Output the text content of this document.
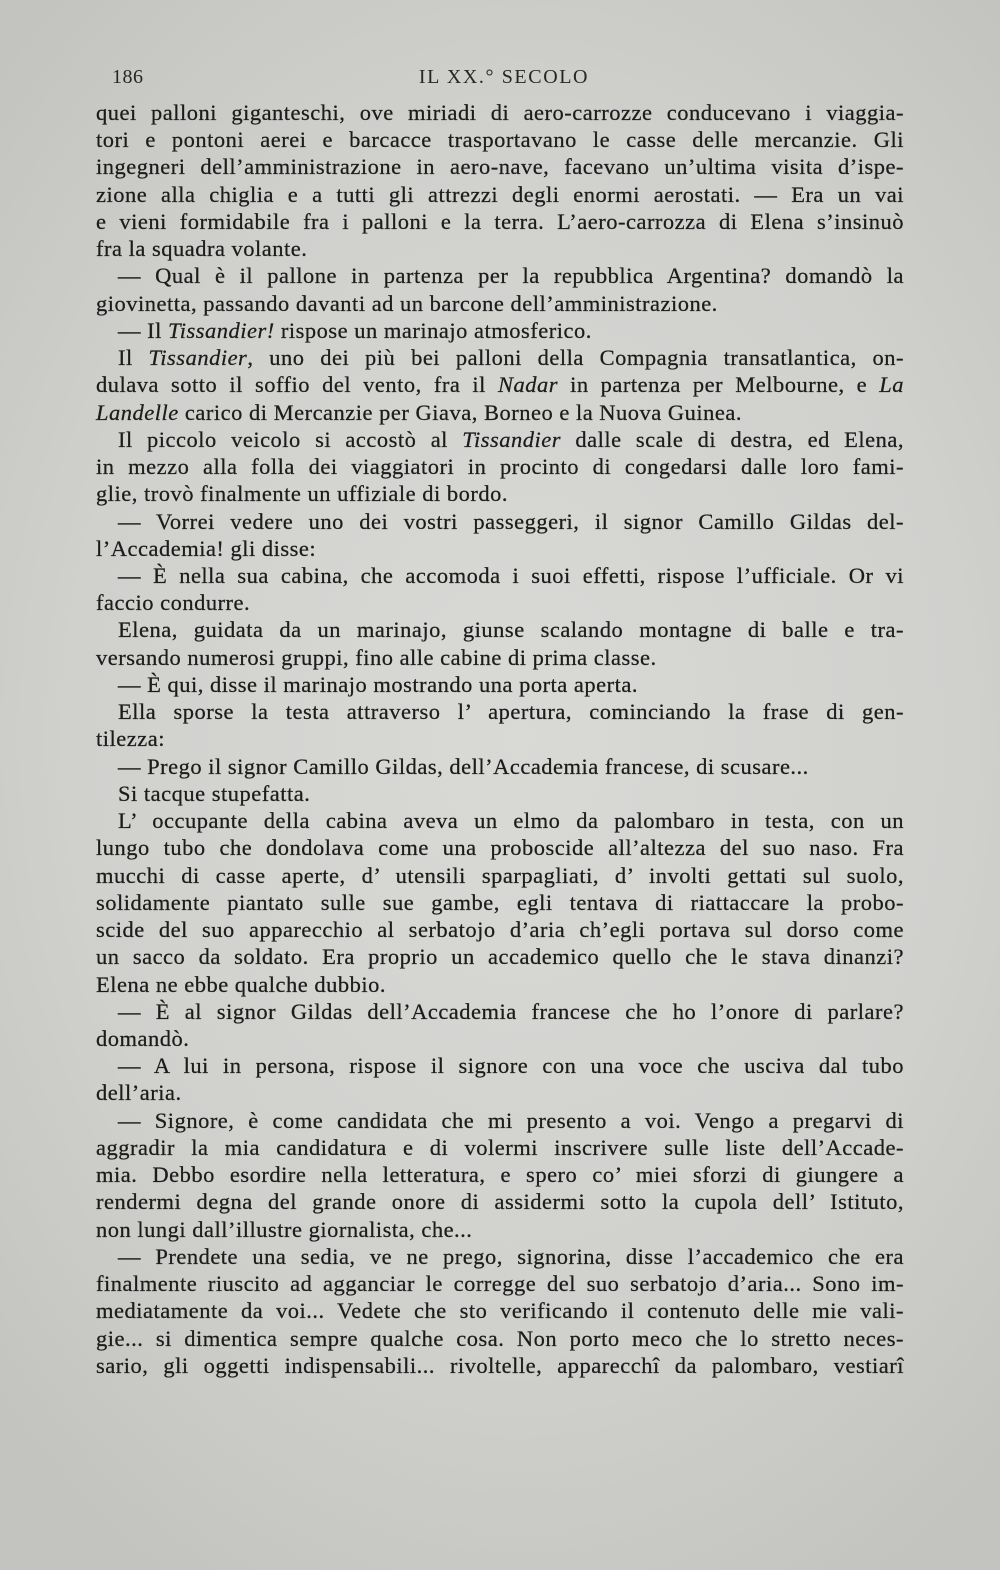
186	IL XX.° SECOLO
quei palloni giganteschi, ove miriadi di aero-carrozze conducevano i viaggia-
tori e pontoni aerei e barcacce trasportavano le casse delle mercanzie. Gli
ingegneri dell’amministrazione in aero-nave, facevano un’ultima visita d’ispe-
zione alla chiglia e a tutti gli attrezzi degli enormi aerostati. — Era un vai
e vieni formidabile fra i palloni e la terra. L’aero-carrozza di Elena s’insinuò
fra la squadra volante.
— Qual è il pallone in partenza per la repubblica Argentina? domandò la
giovinetta, passando davanti ad un barcone dell’amministrazione.
— Il Tissandier! rispose un marinajo atmosferico.
Il Tissandier, uno dei più bei palloni della Compagnia transatlantica, on-
dulava sotto il soffio del vento, fra il Nadar in partenza per Melbourne, e La
Landelle carico di Mercanzie per Giava, Borneo e la Nuova Guinea.
Il piccolo veicolo si accostò al Tissandier dalle scale di destra, ed Elena,
in mezzo alla folla dei viaggiatori in procinto di congedarsi dalle loro fami-
glie, trovò finalmente un uffiziale di bordo.
— Vorrei vedere uno dei vostri passeggeri, il signor Camillo Gildas del-
l’Accademia! gli disse:
— È nella sua cabina, che accomoda i suoi effetti, rispose l’ufficiale. Or vi
faccio condurre.
Elena, guidata da un marinajo, giunse scalando montagne di balle e tra-
versando numerosi gruppi, fino alle cabine di prima classe.
— È qui, disse il marinajo mostrando una porta aperta.
Ella sporse la testa attraverso l’ apertura, cominciando la frase di gen-
tilezza:
— Prego il signor Camillo Gildas, dell’Accademia francese, di scusare...
Si tacque stupefatta.
L’ occupante della cabina aveva un elmo da palombaro in testa, con un
lungo tubo che dondolava come una proboscide all’altezza del suo naso. Fra
mucchi di casse aperte, d’ utensili sparpagliati, d’ involti gettati sul suolo,
solidamente piantato sulle sue gambe, egli tentava di riattaccare la probo-
scide del suo apparecchio al serbatojo d’aria ch’egli portava sul dorso come
un sacco da soldato. Era proprio un accademico quello che le stava dinanzi?
Elena ne ebbe qualche dubbio.
— È al signor Gildas dell’Accademia francese che ho l’onore di parlare?
domandò.
— A lui in persona, rispose il signore con una voce che usciva dal tubo
dell’aria.
— Signore, è come candidata che mi presento a voi. Vengo a pregarvi di
aggradir la mia candidatura e di volermi inscrivere sulle liste dell’Accade-
mia. Debbo esordire nella letteratura, e spero co’ miei sforzi di giungere a
rendermi degna del grande onore di assidermi sotto la cupola dell’ Istituto,
non lungi dall’illustre giornalista, che...
— Prendete una sedia, ve ne prego, signorina, disse l’accademico che era
finalmente riuscito ad agganciar le corregge del suo serbatojo d’aria... Sono im-
mediatamente da voi... Vedete che sto verificando il contenuto delle mie vali-
gie... si dimentica sempre qualche cosa. Non porto meco che lo stretto neces-
sario, gli oggetti indispensabili... rivoltelle, apparecchî da palombaro, vestiarî
